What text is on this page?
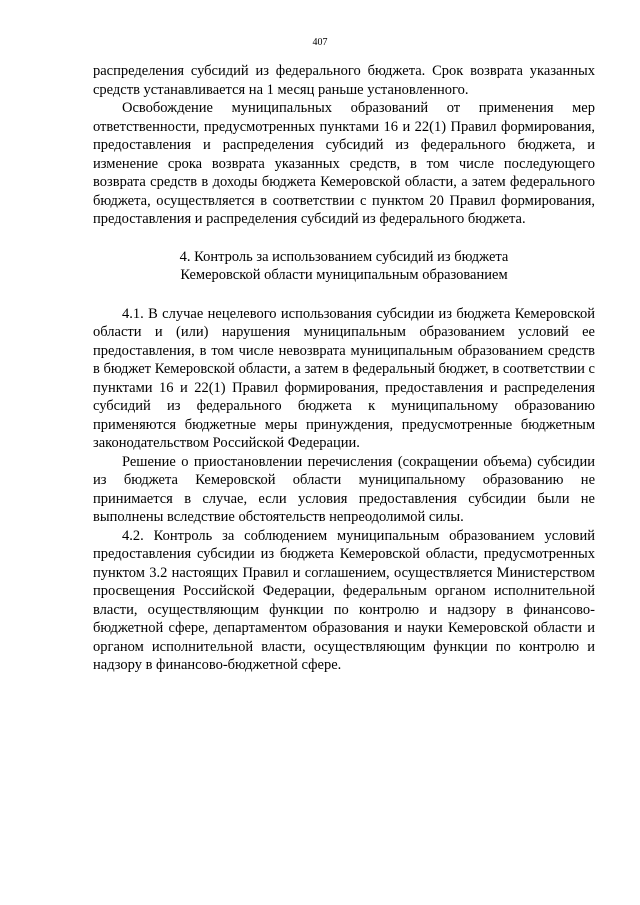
407

распределения субсидий из федерального бюджета. Срок возврата указанных средств устанавливается на 1 месяц раньше установленного.

Освобождение муниципальных образований от применения мер ответственности, предусмотренных пунктами 16 и 22(1) Правил формирования, предоставления и распределения субсидий из федерального бюджета, и изменение срока возврата указанных средств, в том числе последующего возврата средств в доходы бюджета Кемеровской области, а затем федерального бюджета, осуществляется в соответствии с пунктом 20 Правил формирования, предоставления и распределения субсидий из федерального бюджета.

4. Контроль за использованием субсидий из бюджета
Кемеровской области муниципальным образованием

4.1. В случае нецелевого использования субсидии из бюджета Кемеровской области и (или) нарушения муниципальным образованием условий ее предоставления, в том числе невозврата муниципальным образованием средств в бюджет Кемеровской области, а затем в федеральный бюджет, в соответствии с пунктами 16 и 22(1) Правил формирования, предоставления и распределения субсидий из федерального бюджета к муниципальному образованию применяются бюджетные меры принуждения, предусмотренные бюджетным законодательством Российской Федерации.

Решение о приостановлении перечисления (сокращении объема) субсидии из бюджета Кемеровской области муниципальному образованию не принимается в случае, если условия предоставления субсидии были не выполнены вследствие обстоятельств непреодолимой силы.

4.2. Контроль за соблюдением муниципальным образованием условий предоставления субсидии из бюджета Кемеровской области, предусмотренных пунктом 3.2 настоящих Правил и соглашением, осуществляется Министерством просвещения Российской Федерации, федеральным органом исполнительной власти, осуществляющим функции по контролю и надзору в финансово-бюджетной сфере, департаментом образования и науки Кемеровской области и органом исполнительной власти, осуществляющим функции по контролю и надзору в финансово-бюджетной сфере.
